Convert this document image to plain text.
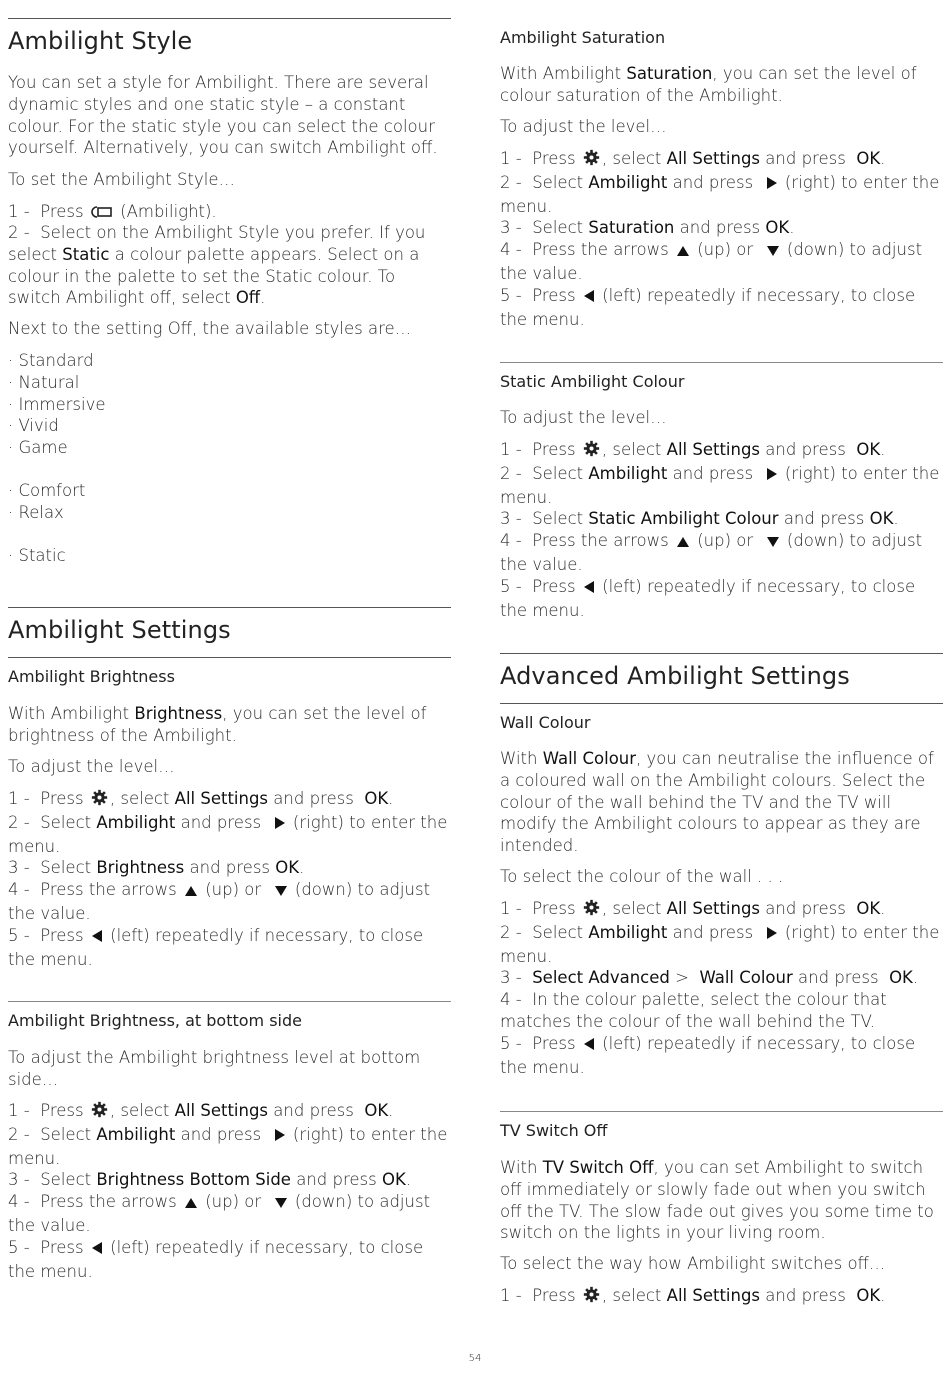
Ambilight Style

You can set a style for Ambilight. There are several dynamic styles and one static style – a constant colour. For the static style you can select the colour yourself. Alternatively, you can switch Ambilight off.

To set the Ambilight Style…

1 - Press (Ambilight).

2 - Select on the Ambilight Style you prefer. If you select Static a colour palette appears. Select on a colour in the palette to set the Static colour. To switch Ambilight off, select Off.

Next to the setting Off, the available styles are…

· Standard
· Natural
· Immersive
· Vivid
· Game
· Comfort
· Relax
· Static
Ambilight Settings
Ambilight Brightness

With Ambilight Brightness, you can set the level of brightness of the Ambilight.

To adjust the level…

1 - Press , select All Settings and press OK.
2 - Select Ambilight and press (right) to enter the menu.
3 - Select Brightness and press OK.
4 - Press the arrows (up) or (down) to adjust the value.
5 - Press (left) repeatedly if necessary, to close the menu.

Ambilight Brightness, at bottom side

To adjust the Ambilight brightness level at bottom side…

1 - Press , select All Settings and press OK.
2 - Select Ambilight and press (right) to enter the menu.
3 - Select Brightness Bottom Side and press OK.
4 - Press the arrows (up) or (down) to adjust the value.
5 - Press (left) repeatedly if necessary, to close the menu.

Ambilight Saturation

With Ambilight Saturation, you can set the level of colour saturation of the Ambilight.

To adjust the level…

1 - Press , select All Settings and press OK.
2 - Select Ambilight and press (right) to enter the menu.
3 - Select Saturation and press OK.
4 - Press the arrows (up) or (down) to adjust the value.
5 - Press (left) repeatedly if necessary, to close the menu.

Static Ambilight Colour

To adjust the level…

1 - Press , select All Settings and press OK.
2 - Select Ambilight and press (right) to enter the menu.
3 - Select Static Ambilight Colour and press OK.
4 - Press the arrows (up) or (down) to adjust the value.
5 - Press (left) repeatedly if necessary, to close the menu.

Advanced Ambilight Settings
Wall Colour

With Wall Colour, you can neutralise the influence of a coloured wall on the Ambilight colours. Select the colour of the wall behind the TV and the TV will modify the Ambilight colours to appear as they are intended.

To select the colour of the wall . . .

1 - Press , select All Settings and press OK.
2 - Select Ambilight and press (right) to enter the menu.
3 - Select Advanced > Wall Colour and press OK.
4 - In the colour palette, select the colour that matches the colour of the wall behind the TV.
5 - Press (left) repeatedly if necessary, to close the menu.

TV Switch Off

With TV Switch Off, you can set Ambilight to switch off immediately or slowly fade out when you switch off the TV. The slow fade out gives you some time to switch on the lights in your living room.

To select the way how Ambilight switches off…

1 - Press , select All Settings and press OK.

54
